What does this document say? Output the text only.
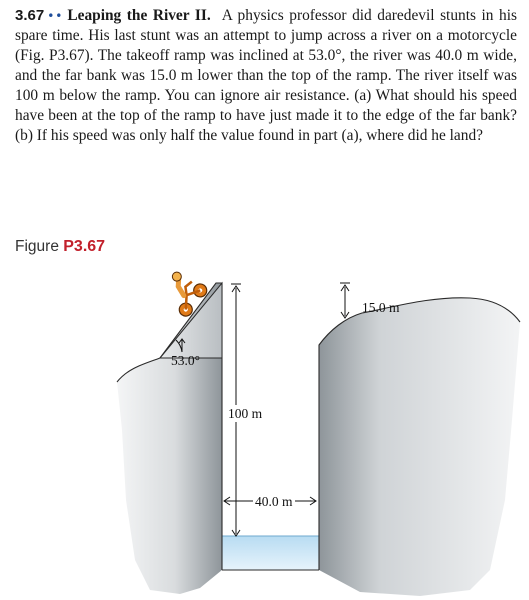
3.67 •• Leaping the River II. A physics professor did daredevil stunts in his spare time. His last stunt was an attempt to jump across a river on a motorcycle (Fig. P3.67). The takeoff ramp was inclined at 53.0°, the river was 40.0 m wide, and the far bank was 15.0 m lower than the top of the ramp. The river itself was 100 m below the ramp. You can ignore air resistance. (a) What should his speed have been at the top of the ramp to have just made it to the edge of the far bank? (b) If his speed was only half the value found in part (a), where did he land?
Figure P3.67
53.0°
100 m
40.0 m
15.0 m
